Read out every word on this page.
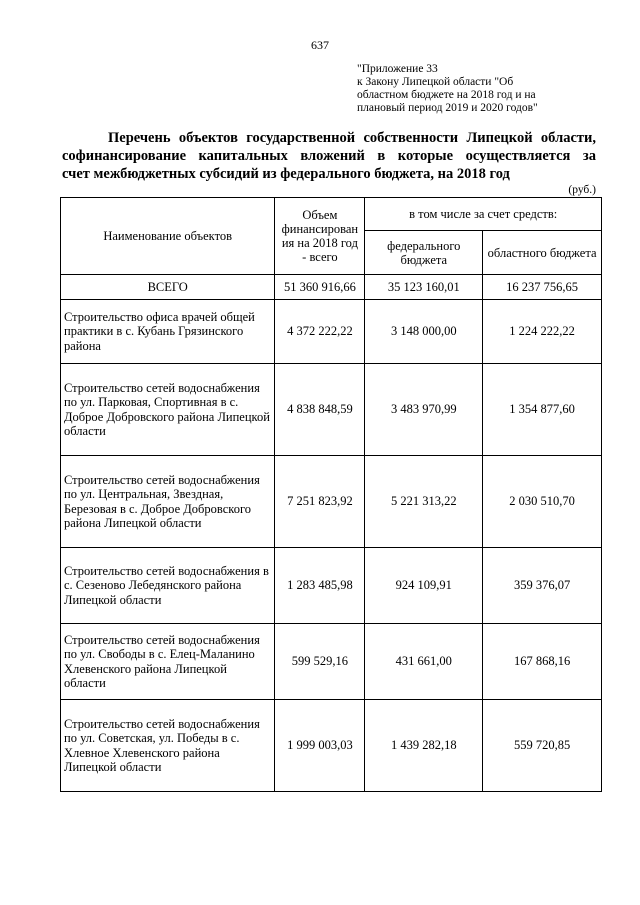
637
"Приложение 33
к Закону Липецкой области "Об
областном бюджете на 2018 год и на
плановый период 2019 и 2020 годов"
Перечень объектов государственной собственности Липецкой области,
софинансирование капитальных вложений в которые осуществляется за
счет межбюджетных субсидий из федерального бюджета, на 2018 год
(руб.)
Наименование объектов	Объем финансирован ия на 2018 год - всего	в том числе за счет средств:	
		федерального бюджета	областного бюджета
ВСЕГО	51 360 916,66	35 123 160,01	16 237 756,65
Строительство офиса врачей общей практики в с. Кубань Грязинского района	4 372 222,22	3 148 000,00	1 224 222,22
Строительство сетей водоснабжения по ул. Парковая, Спортивная в с. Доброе Добровского района Липецкой области	4 838 848,59	3 483 970,99	1 354 877,60
Строительство сетей водоснабжения по ул. Центральная, Звездная, Березовая в с. Доброе Добровского района Липецкой области	7 251 823,92	5 221 313,22	2 030 510,70
Строительство сетей водоснабжения в с. Сезеново Лебедянского района Липецкой области	1 283 485,98	924 109,91	359 376,07
Строительство сетей водоснабжения по ул. Свободы в с. Елец-Маланино Хлевенского района Липецкой области	599 529,16	431 661,00	167 868,16
Строительство сетей водоснабжения по ул. Советская, ул. Победы в с. Хлевное Хлевенского района Липецкой области	1 999 003,03	1 439 282,18	559 720,85
